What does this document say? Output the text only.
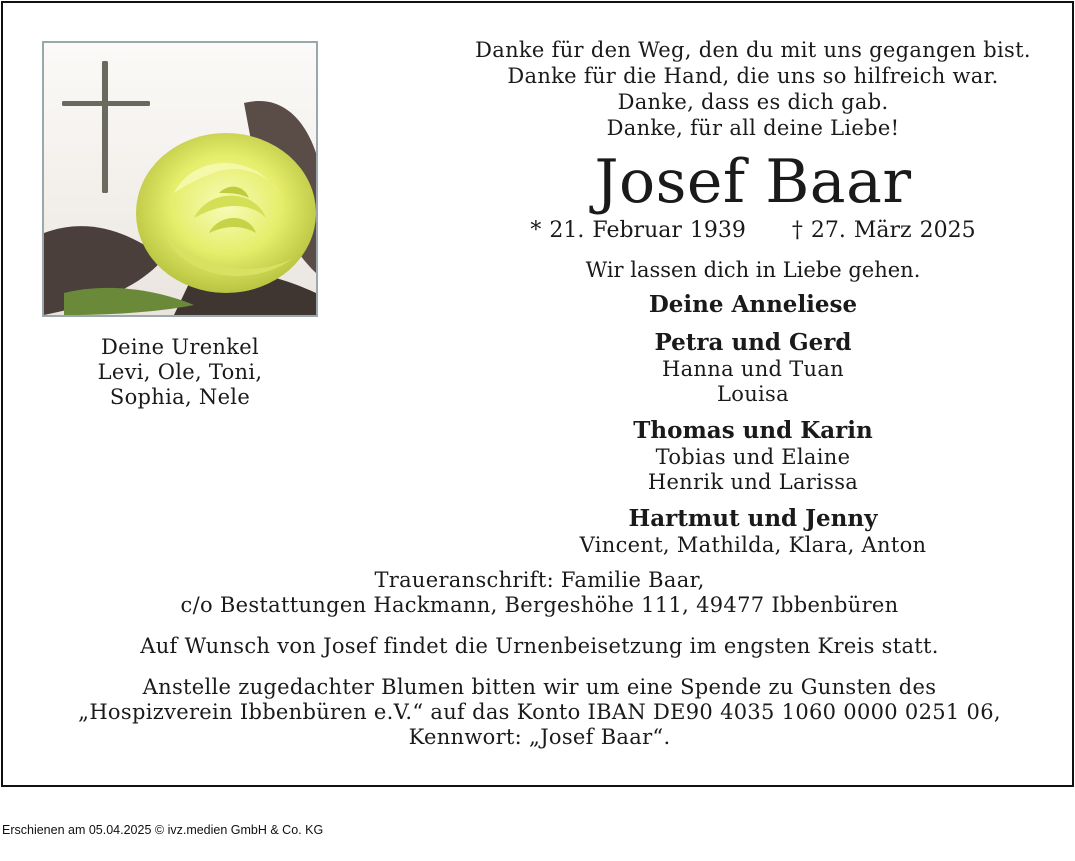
Deine Urenkel
Levi, Ole, Toni,
Sophia, Nele
Danke für den Weg, den du mit uns gegangen bist.
Danke für die Hand, die uns so hilfreich war.
Danke, dass es dich gab.
Danke, für all deine Liebe!
Josef Baar
* 21. Februar 1939 † 27. März 2025
Wir lassen dich in Liebe gehen.
Deine Anneliese
Petra und Gerd
Hanna und Tuan
Louisa
Thomas und Karin
Tobias und Elaine
Henrik und Larissa
Hartmut und Jenny
Vincent, Mathilda, Klara, Anton
Traueranschrift: Familie Baar,
c/o Bestattungen Hackmann, Bergeshöhe 111, 49477 Ibbenbüren
Auf Wunsch von Josef findet die Urnenbeisetzung im engsten Kreis statt.
Anstelle zugedachter Blumen bitten wir um eine Spende zu Gunsten des
„Hospizverein Ibbenbüren e.V.“ auf das Konto IBAN DE90 4035 1060 0000 0251 06,
Kennwort: „Josef Baar“.
Erschienen am 05.04.2025 © ivz.medien GmbH & Co. KG
